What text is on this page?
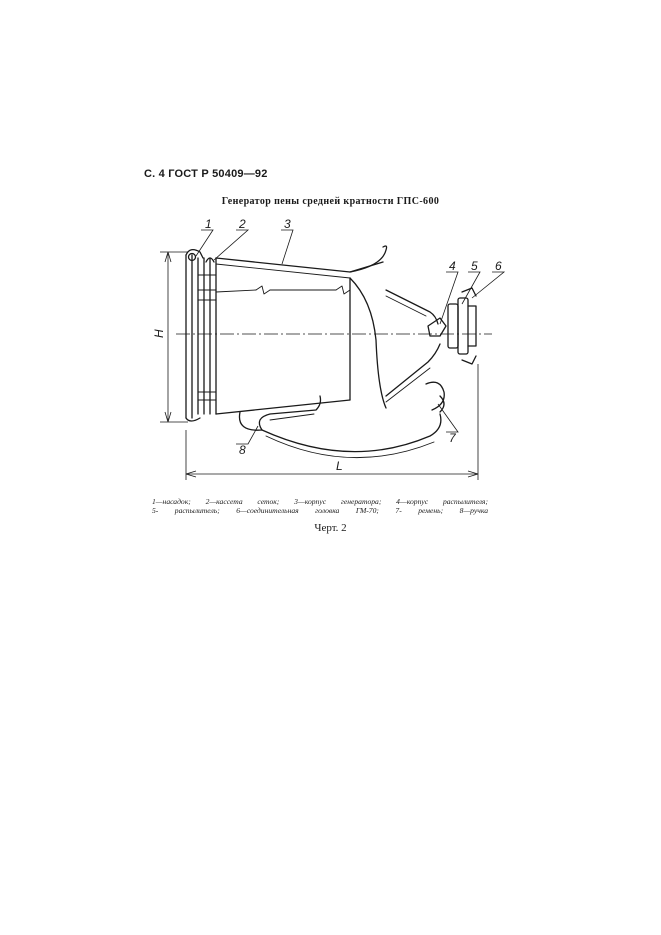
С. 4 ГОСТ Р 50409—92
Генератор пены средней кратности ГПС-600
1 2	3
4 5 6
7
8
H
L
1—насадок; 2—кассета сеток; 3—корпус генератора; 4—корпус распылителя;
5- распылитель; 6—соединительная головка ГМ-70; 7- ремень; 8—ручка
Черт. 2
